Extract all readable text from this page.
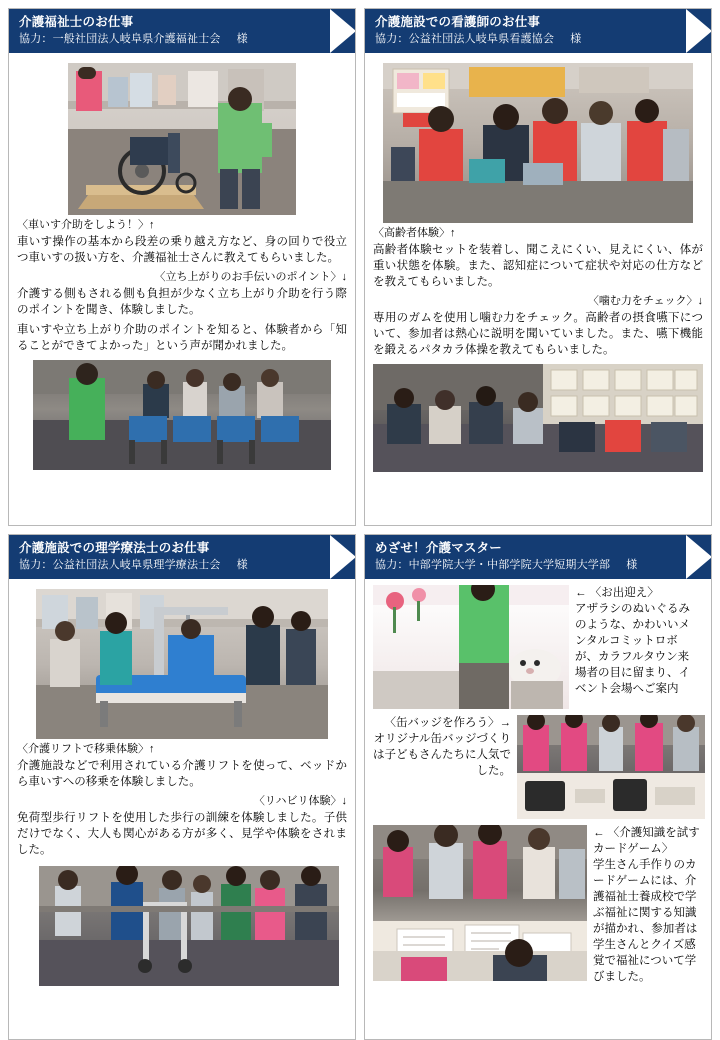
介護福祉士のお仕事
協力：一般社団法人岐阜県介護福祉士会 様
〈車いす介助をしよう！〉↑

車いす操作の基本から段差の乗り越え方など、身の回りで役立つ車いすの扱い方を、介護福祉士さんに教えてもらいました。

〈立ち上がりのお手伝いのポイント〉↓

介護する側もされる側も負担が少なく立ち上がり介助を行う際のポイントを聞き、体験しました。

車いすや立ち上がり介助のポイントを知ると、体験者から「知ることができてよかった」という声が聞かれました。

介護施設での看護師のお仕事
協力：公益社団法人岐阜県看護協会 様
〈高齢者体験〉↑

高齢者体験セットを装着し、聞こえにくい、見えにくい、体が重い状態を体験。また、認知症について症状や対応の仕方などを教えてもらいました。

〈噛む力をチェック〉↓

専用のガムを使用し噛む力をチェック。高齢者の摂食嚥下について、参加者は熱心に説明を聞いていました。また、嚥下機能を鍛えるパタカラ体操を教えてもらいました。

介護施設での理学療法士のお仕事
協力：公益社団法人岐阜県理学療法士会 様
〈介護リフトで移乗体験〉↑

介護施設などで利用されている介護リフトを使って、ベッドから車いすへの移乗を体験しました。

〈リハビリ体験〉↓

免荷型歩行リフトを使用した歩行の訓練を体験しました。子供だけでなく、大人も関心がある方が多く、見学や体験をされました。

めざせ！介護マスター
協力：中部学院大学・中部学院大学短期大学部 様
← 〈お出迎え〉
アザラシのぬいぐるみのような、かわいいメンタルコミットロボが、カラフルタウン来場者の目に留まり、イベント会場へご案内
〈缶バッジを作ろう〉→
オリジナル缶バッジづくりは子どもさんたちに人気でした。
← 〈介護知識を試すカードゲーム〉
学生さん手作りのカードゲームには、介護福祉士養成校で学ぶ福祉に関する知識が描かれ、参加者は学生さんとクイズ感覚で福祉について学びました。
